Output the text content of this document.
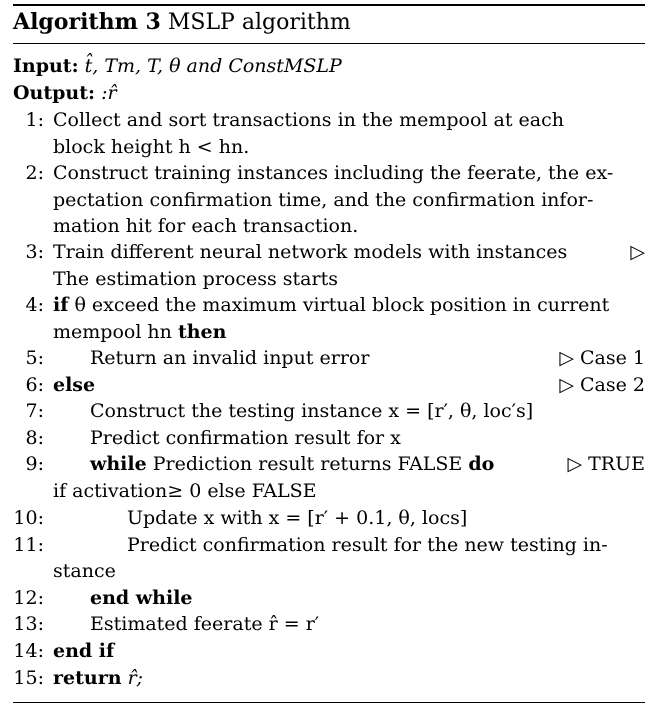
Algorithm 3 MSLP algorithm
Input: t̂, Tm, T, θ and ConstMSLP
Output: :r̂
1: Collect and sort transactions in the mempool at each
block height h < hn.
2: Construct training instances including the feerate, the ex-
pectation confirmation time, and the confirmation infor-
mation hit for each transaction.
3: Train different neural network models with instances	▷
The estimation process starts
4: if θ exceed the maximum virtual block position in current
mempool hn then
5: Return an invalid input error	▷ Case 1
6: else	▷ Case 2
7: Construct the testing instance x = [r′, θ, loc′s]
8: Predict confirmation result for x
9: while Prediction result returns FALSE do	▷ TRUE
if activation≥ 0 else FALSE
10:	Update x with x = [r′ + 0.1, θ, locs]
11:	Predict confirmation result for the new testing in-
stance
12: end while
13: Estimated feerate r̂ = r′
14: end if
15: return r̂;
